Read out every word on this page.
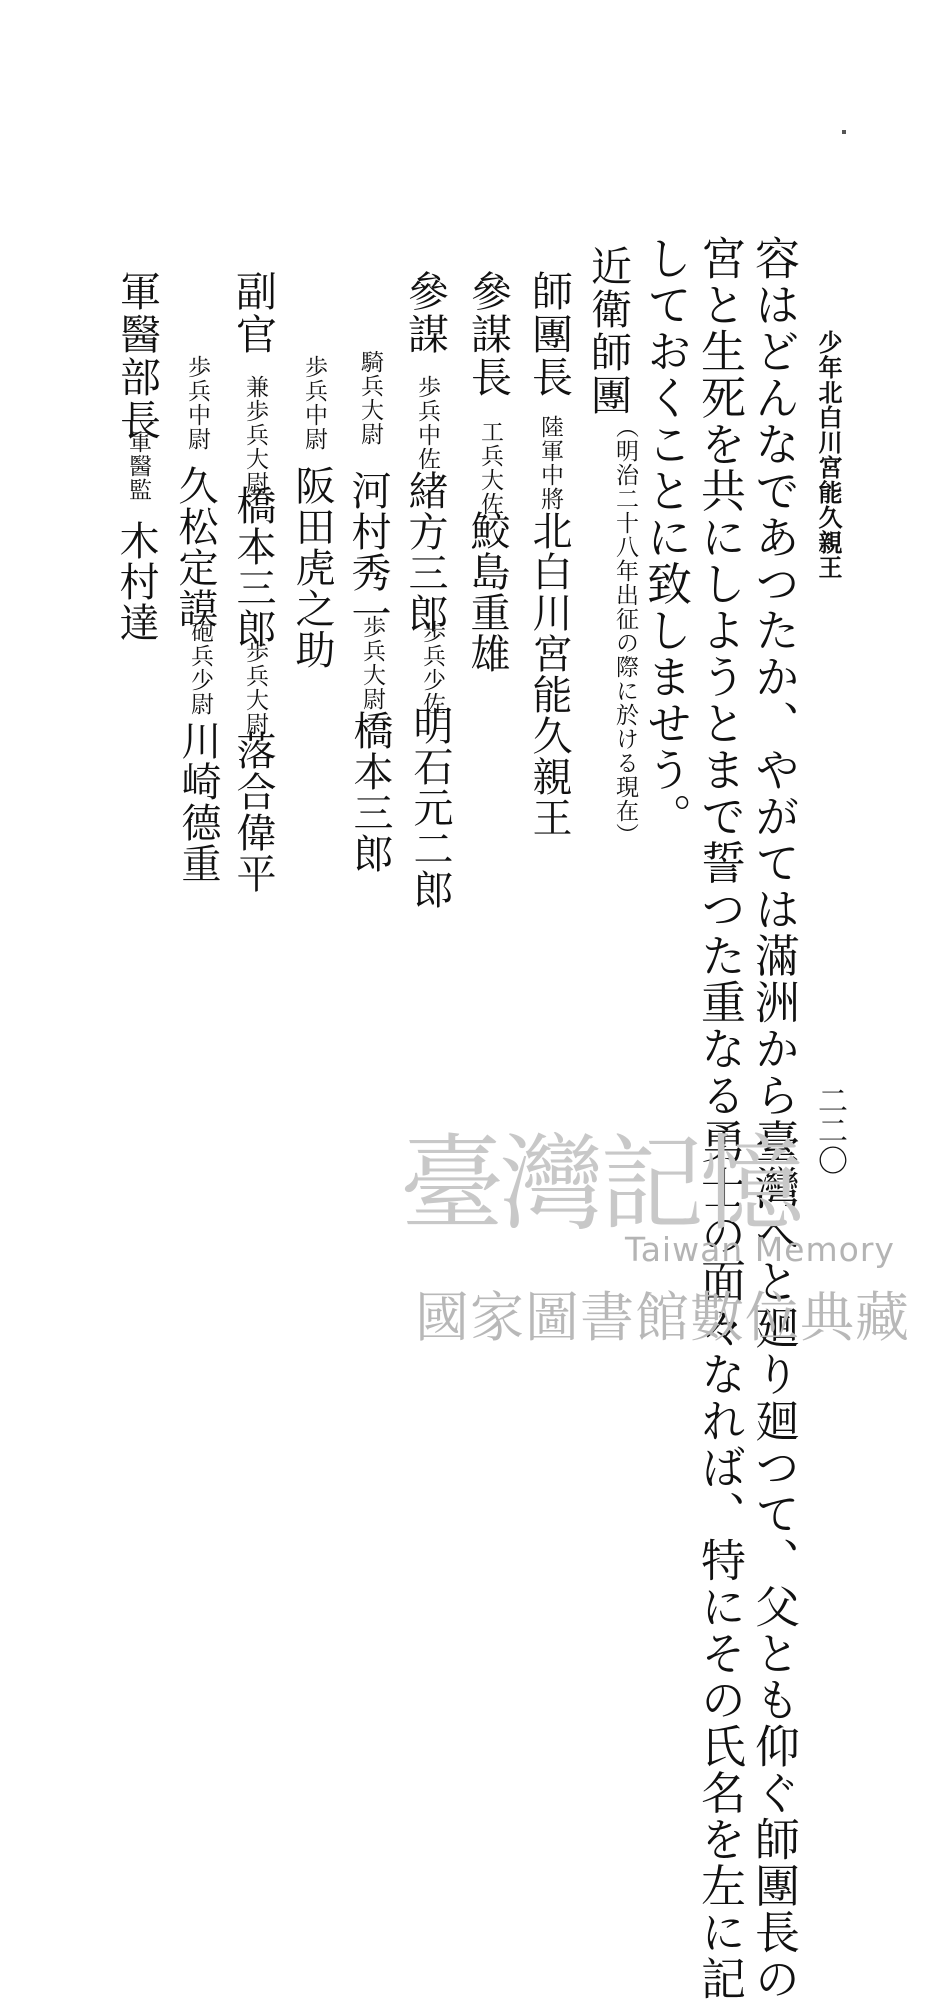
少年北白川宮能久親王
二二〇
容はどんなであつたか、やがては滿洲から臺灣へと廻り廻つて、父とも仰ぐ師團長の
宮と生死を共にしようとまで誓つた重なる勇士の面々なれば、特にその氏名を左に記
しておくことに致しませう。
近衛師團
（明治二十八年出征の際に於ける現在）
師團長
陸軍中將
北白川宮能久親王
參謀長
工兵大佐
鮫島重雄
參謀
歩兵中佐
緒方三郎
歩兵少佐
明石元二郎
騎兵大尉
河村秀一
歩兵大尉
橋本三郎
歩兵中尉
阪田虎之助
副官
兼歩兵大尉
橋本三郎
歩兵大尉
落合偉平
歩兵中尉
久松定謨
砲兵少尉
川崎德重
軍醫部長
軍醫監
木村達
臺灣記憶
Taiwan Memory
國家圖書館數位典藏
